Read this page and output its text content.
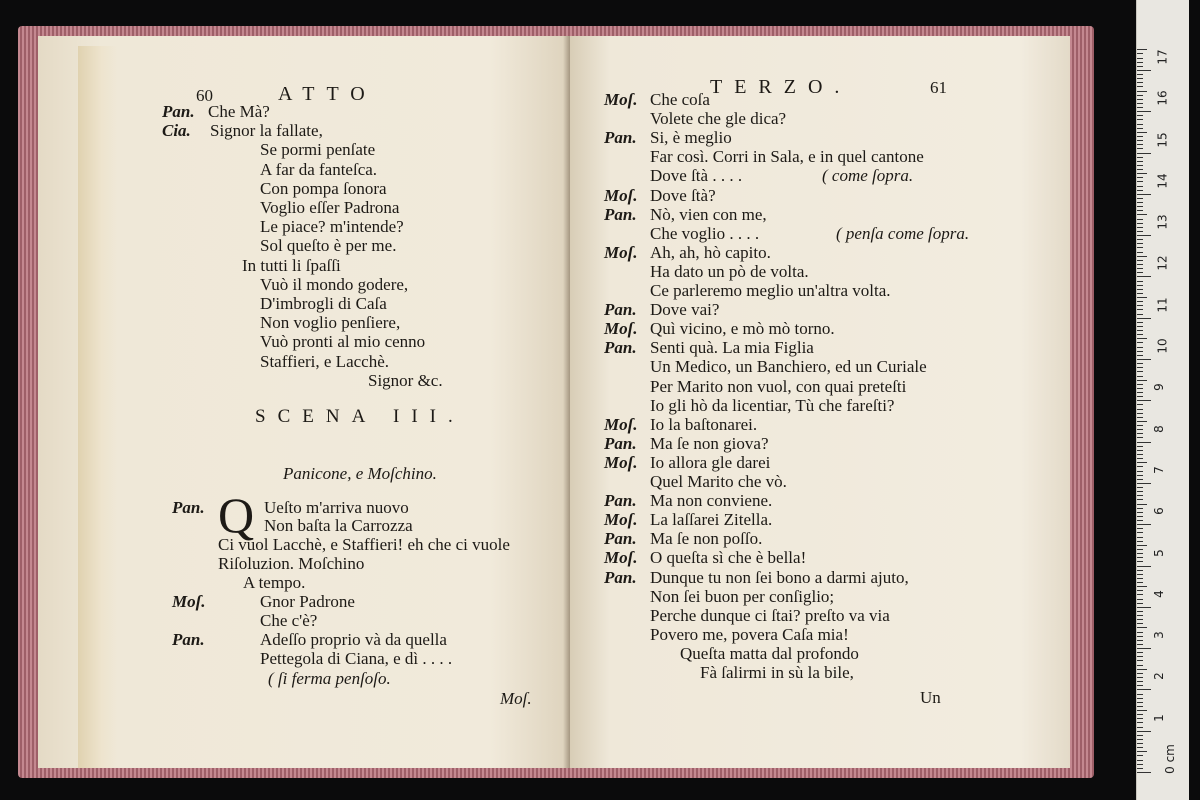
60	ATTO
Pan. Che Mà?
Cia. Signor la fallate,
Se pormi penſate
A far da fanteſca.
Con pompa ſonora
Voglio eſſer Padrona
Le piace? m'intende?
Sol queſto è per me.
In tutti li ſpaſſi
Vuò il mondo godere,
D'imbrogli di Caſa
Non voglio penſiere,
Vuò pronti al mio cenno
Staffieri, e Lacchè.
Signor &c.
SCENA III.
Panicone, e Moſchino.
Pan. Q Ueſto m'arriva nuovo
Non baſta la Carrozza
Ci vuol Lacchè, e Staffieri! eh che ci vuole
Riſoluzion. Moſchino
A tempo.
Moſ.	Gnor Padrone
Che c'è?
Pan.	Adeſſo proprio và da quella
Pettegola di Ciana, e dì . . . .
( ſi ferma penſoſo.
Moſ.
TERZO.	61
Moſ. Che coſa
Volete che gle dica?
Pan. Si, è meglio
Far così. Corri in Sala, e in quel cantone
Dove ſtà . . . .	( come ſopra.
Moſ. Dove ſtà?
Pan. Nò, vien con me,
Che voglio . . . .	( penſa come ſopra.
Moſ. Ah, ah, hò capito.
Ha dato un pò de volta.
Ce parleremo meglio un'altra volta.
Pan. Dove vai?
Moſ. Quì vicino, e mò mò torno.
Pan. Senti quà. La mia Figlia
Un Medico, un Banchiero, ed un Curiale
Per Marito non vuol, con quai preteſti
Io gli hò da licentiar, Tù che fareſti?
Moſ. Io la baſtonarei.
Pan. Ma ſe non giova?
Moſ. Io allora gle darei
Quel Marito che vò.
Pan. Ma non conviene.
Moſ. La laſſarei Zitella.
Pan. Ma ſe non poſſo.
Moſ. O queſta sì che è bella!
Pan. Dunque tu non ſei bono a darmi ajuto,
Non ſei buon per conſiglio;
Perche dunque ci ſtai? preſto va via
Povero me, povera Caſa mia!
Queſta matta dal profondo
Fà ſalirmi in sù la bile,
Un
0 cm
1
2
3
4
5
6
7
8
9
10
11
12
13
14
15
16
17
